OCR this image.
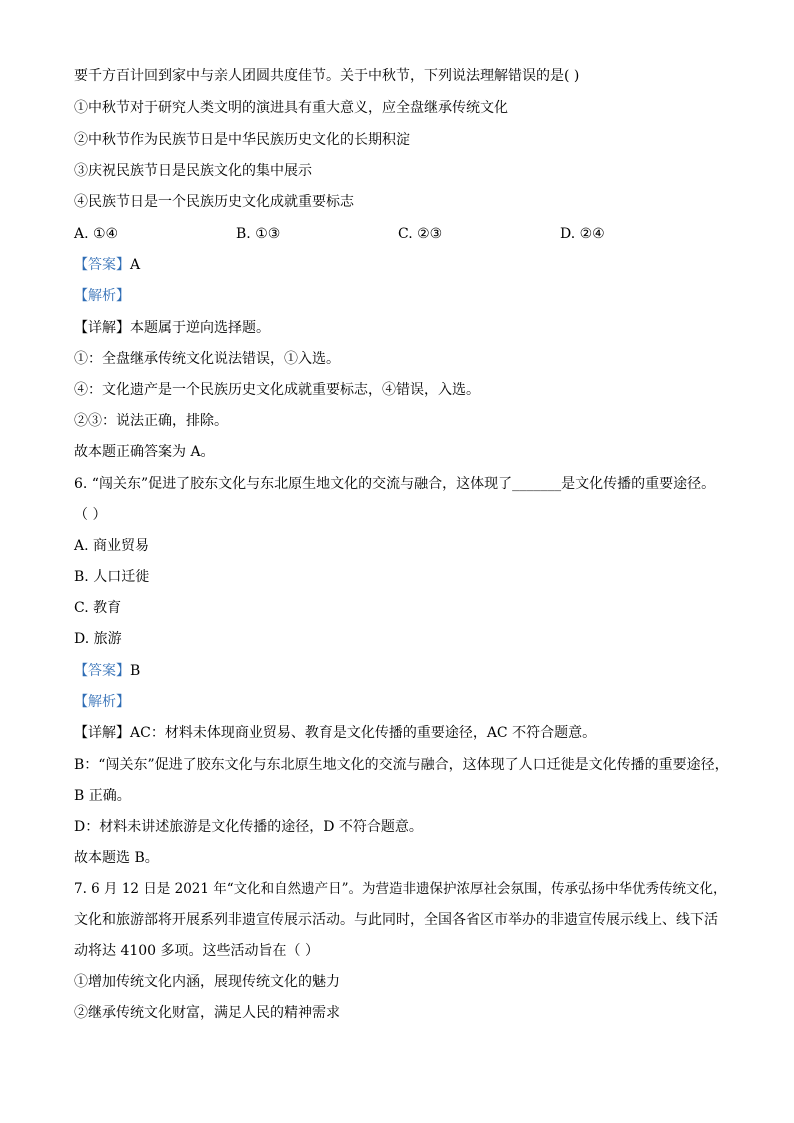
要千方百计回到家中与亲人团圆共度佳节。关于中秋节，下列说法理解错误的是( )
①中秋节对于研究人类文明的演进具有重大意义，应全盘继承传统文化
②中秋节作为民族节日是中华民族历史文化的长期积淀
③庆祝民族节日是民族文化的集中展示
④民族节日是一个民族历史文化成就重要标志
A. ①④	B. ①③	C. ②③	D. ②④
【答案】A
【解析】
【详解】本题属于逆向选择题。
①：全盘继承传统文化说法错误，①入选。
④：文化遗产是一个民族历史文化成就重要标志，④错误，入选。
②③：说法正确，排除。
故本题正确答案为 A。
6. “闯关东”促进了胶东文化与东北原生地文化的交流与融合，这体现了_______是文化传播的重要途径。
（ ）
A. 商业贸易
B. 人口迁徙
C. 教育
D. 旅游
【答案】B
【解析】
【详解】AC：材料未体现商业贸易、教育是文化传播的重要途径，AC 不符合题意。
B：“闯关东”促进了胶东文化与东北原生地文化的交流与融合，这体现了人口迁徙是文化传播的重要途径，
B 正确。
D：材料未讲述旅游是文化传播的途径，D 不符合题意。
故本题选 B。
7. 6 月 12 日是 2021 年“文化和自然遗产日”。为营造非遗保护浓厚社会氛围，传承弘扬中华优秀传统文化，
文化和旅游部将开展系列非遗宣传展示活动。与此同时，全国各省区市举办的非遗宣传展示线上、线下活
动将达 4100 多项。这些活动旨在（ ）
①增加传统文化内涵，展现传统文化的魅力
②继承传统文化财富，满足人民的精神需求
